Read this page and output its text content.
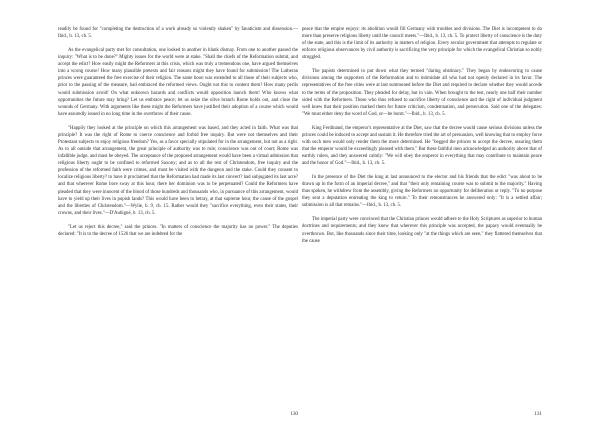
readily be found for "completing the destruction of a work already so violently shaken" by fanaticism and dissension.—Ibid., b. 13, ch. 5.

As the evangelical party met for consultation, one looked to another in blank dismay. From one to another passed the inquiry: "What is to be done?" Mighty issues for the world were at stake. "Shall the chiefs of the Reformation submit, and accept the edict? How easily might the Reformers at this crisis, which was truly a tremendous one, have argued themselves into a wrong course! How many plausible pretexts and fair reasons might they have found for submission! The Lutheran princes were guaranteed the free exercise of their religion. The same boon was extended to all those of their subjects who, prior to the passing of the measure, had embraced the reformed views. Ought not this to content them? How many perils would submission avoid! On what unknown hazards and conflicts would opposition launch them! Who knows what opportunities the future may bring? Let us embrace peace; let us seize the olive branch Rome holds out, and close the wounds of Germany. With arguments like these might the Reformers have justified their adoption of a course which would have assuredly issued in no long time in the overthrow of their cause.

"Happily they looked at the principle on which this arrangement was based, and they acted in faith. What was that principle? It was the right of Rome to coerce conscience and forbid free inquiry. But were not themselves and their Protestant subjects to enjoy religious freedom? Yes, as a favor specially stipulated for in the arrangement, but not as a right. As to all outside that arrangement, the great principle of authority was to rule; conscience was out of court; Rome was infallible judge, and must be obeyed. The acceptance of the proposed arrangement would have been a virtual admission that religious liberty ought to be confined to reformed Saxony; and as to all the rest of Christendom, free inquiry and the profession of the reformed faith were crimes, and must be visited with the dungeon and the stake. Could they consent to localize religious liberty? to have it proclaimed that the Reformation had made its last convert? had subjugated its last acre? and that wherever Rome bore sway at this hour, there her dominion was to be perpetuated? Could the Reformers have pleaded that they were innocent of the blood of those hundreds and thousands who, in pursuance of this arrangement, would have to yield up their lives in popish lands? This would have been to betray, at that supreme hour, the cause of the gospel and the liberties of Christendom."—Wylie, b. 9, ch. 15. Rather would they "sacrifice everything, even their states, their crowns, and their lives."—D'Aubigné, b. 13, ch. 5.

"Let us reject this decree," said the princes. "In matters of conscience the majority has no power." The deputies declared: "It is to the decree of 1526 that we are indebted for the

130

peace that the empire enjoys: its abolition would fill Germany with troubles and divisions. The Diet is incompetent to do more than preserve religious liberty until the council meets."—Ibid., b. 13, ch. 5. To protect liberty of conscience is the duty of the state, and this is the limit of its authority in matters of religion. Every secular government that attempts to regulate or enforce religious observances by civil authority is sacrificing the very principle for which the evangelical Christian so nobly struggled.

The papists determined to put down what they termed "daring obstinacy." They began by endeavoring to cause divisions among the supporters of the Reformation and to intimidate all who had not openly declared in its favor. The representatives of the free cities were at last summoned before the Diet and required to declare whether they would accede to the terms of the proposition. They pleaded for delay, but in vain. When brought to the test, nearly one half their number sided with the Reformers. Those who thus refused to sacrifice liberty of conscience and the right of individual judgment well knew that their position marked them for future criticism, condemnation, and persecution. Said one of the delegates: "We must either deny the word of God, or—be burnt."—Ibid., b. 13, ch. 5.

King Ferdinand, the emperor's representative at the Diet, saw that the decree would cause serious divisions unless the princes could be induced to accept and sustain it. He therefore tried the art of persuasion, well knowing that to employ force with such men would only render them the more determined. He "begged the princes to accept the decree, assuring them that the emperor would be exceedingly pleased with them." But these faithful men acknowledged an authority above that of earthly rulers, and they answered calmly: "We will obey the emperor in everything that may contribute to maintain peace and the honor of God."—Ibid., b. 13, ch. 5.

In the presence of the Diet the king at last announced to the elector and his friends that the edict "was about to be drawn up in the form of an imperial decree," and that "their only remaining course was to submit to the majority." Having thus spoken, he withdrew from the assembly, giving the Reformers no opportunity for deliberation or reply. "To no purpose they sent a deputation entreating the king to return." To their remonstrances he answered only: "It is a settled affair; submission is all that remains."—Ibid., b. 13, ch. 5.

The imperial party were convinced that the Christian princes would adhere to the Holy Scriptures as superior to human doctrines and requirements; and they knew that wherever this principle was accepted, the papacy would eventually be overthrown. But, like thousands since their time, looking only "at the things which are seen," they flattered themselves that the cause

131
